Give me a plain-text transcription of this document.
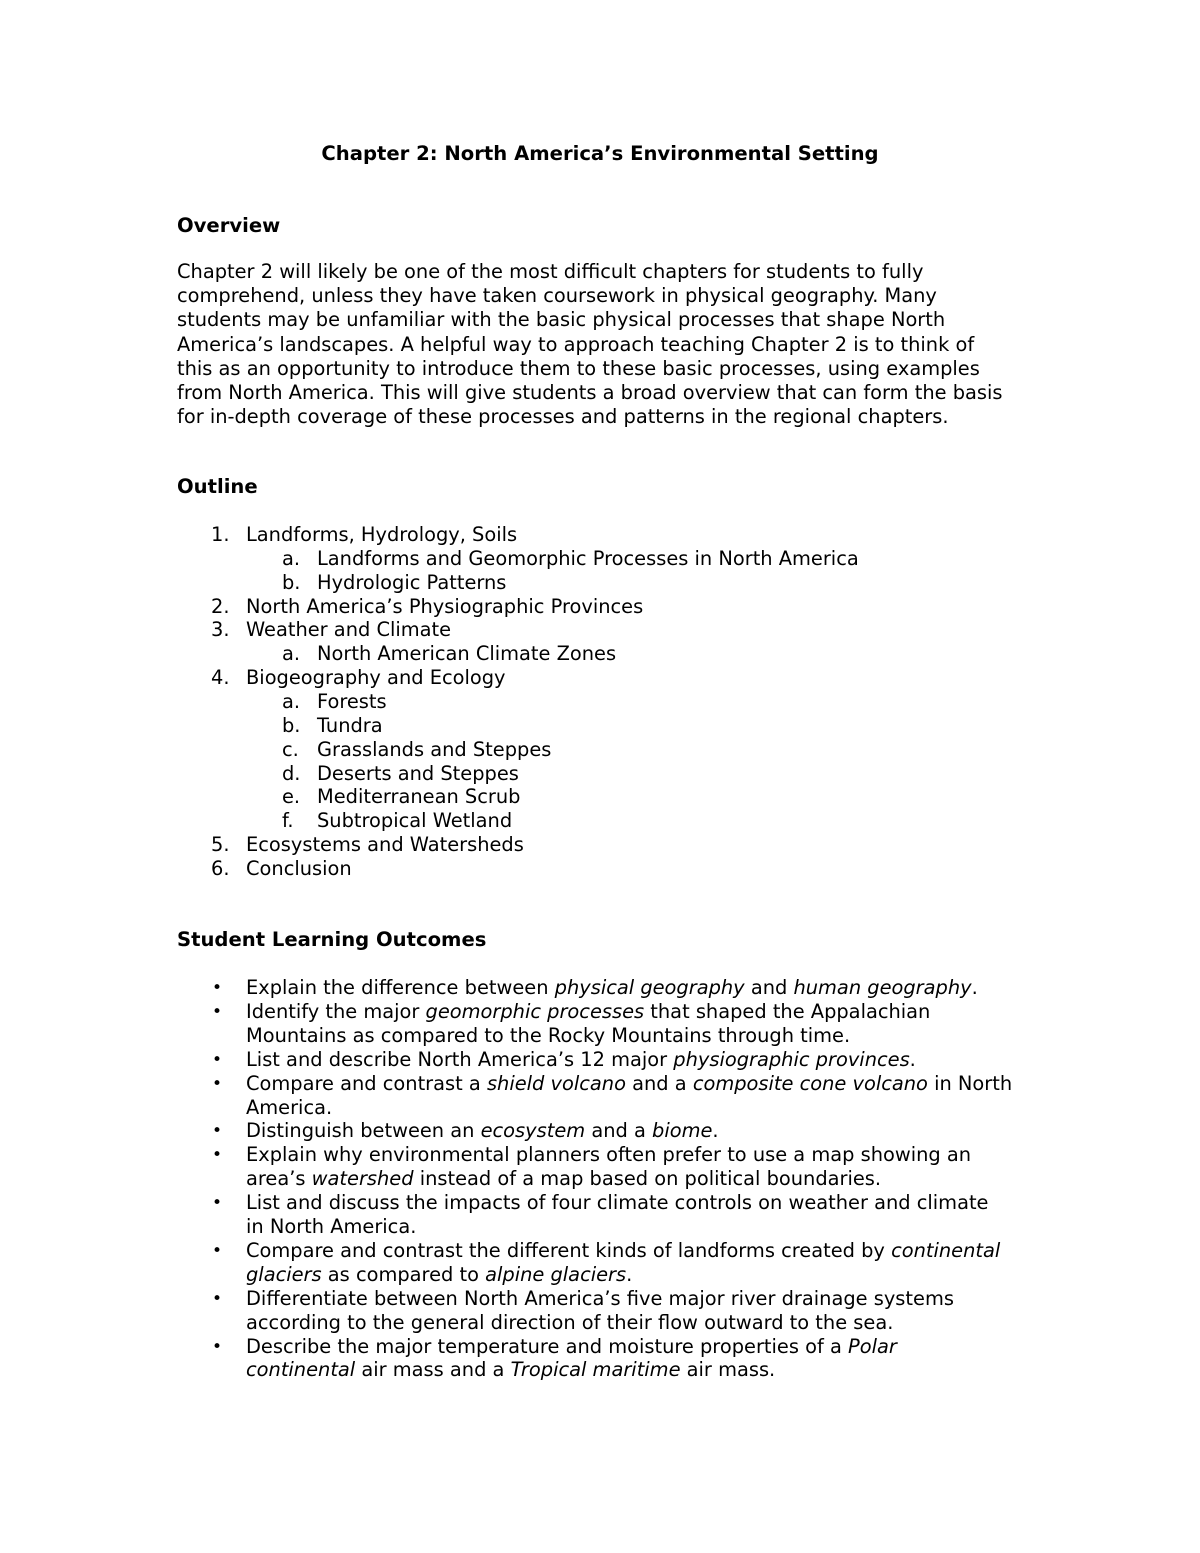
Chapter 2: North America’s Environmental Setting
Overview
Chapter 2 will likely be one of the most difficult chapters for students to fully
comprehend, unless they have taken coursework in physical geography. Many
students may be unfamiliar with the basic physical processes that shape North
America’s landscapes. A helpful way to approach teaching Chapter 2 is to think of
this as an opportunity to introduce them to these basic processes, using examples
from North America. This will give students a broad overview that can form the basis
for in-depth coverage of these processes and patterns in the regional chapters.
Outline
1. Landforms, Hydrology, Soils
a. Landforms and Geomorphic Processes in North America
b. Hydrologic Patterns
2. North America’s Physiographic Provinces
3. Weather and Climate
a. North American Climate Zones
4. Biogeography and Ecology
a. Forests
b. Tundra
c. Grasslands and Steppes
d. Deserts and Steppes
e. Mediterranean Scrub
f. Subtropical Wetland
5. Ecosystems and Watersheds
6. Conclusion
Student Learning Outcomes
• Explain the difference between physical geography and human geography.
• Identify the major geomorphic processes that shaped the Appalachian
Mountains as compared to the Rocky Mountains through time.
• List and describe North America’s 12 major physiographic provinces.
• Compare and contrast a shield volcano and a composite cone volcano in North
America.
• Distinguish between an ecosystem and a biome.
• Explain why environmental planners often prefer to use a map showing an
area’s watershed instead of a map based on political boundaries.
• List and discuss the impacts of four climate controls on weather and climate
in North America.
• Compare and contrast the different kinds of landforms created by continental
glaciers as compared to alpine glaciers.
• Differentiate between North America’s five major river drainage systems
according to the general direction of their flow outward to the sea.
• Describe the major temperature and moisture properties of a Polar
continental air mass and a Tropical maritime air mass.
